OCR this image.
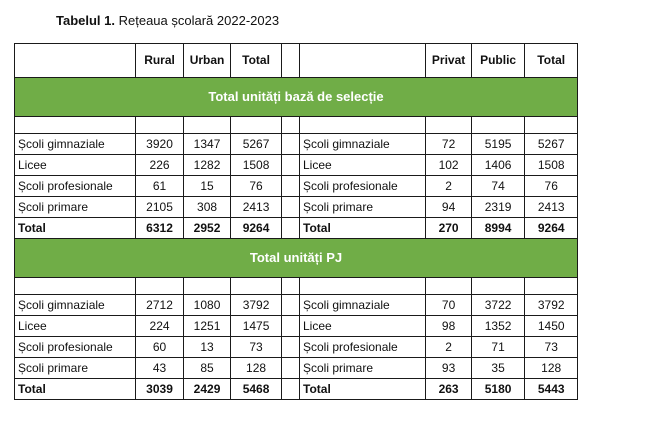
Tabelul 1. Rețeaua școlară 2022-2023
	Rural	Urban	Total			Privat	Public	Total
Total unități bază de selecție								

Școli gimnaziale	3920	1347	5267		Școli gimnaziale	72	5195	5267
Licee	226	1282	1508		Licee	102	1406	1508
Școli profesionale	61	15	76		Școli profesionale	2	74	76
Școli primare	2105	308	2413		Școli primare	94	2319	2413
Total	6312	2952	9264		Total	270	8994	9264
Total unități PJ								

Școli gimnaziale	2712	1080	3792		Școli gimnaziale	70	3722	3792
Licee	224	1251	1475		Licee	98	1352	1450
Școli profesionale	60	13	73		Școli profesionale	2	71	73
Școli primare	43	85	128		Școli primare	93	35	128
Total	3039	2429	5468		Total	263	5180	5443
